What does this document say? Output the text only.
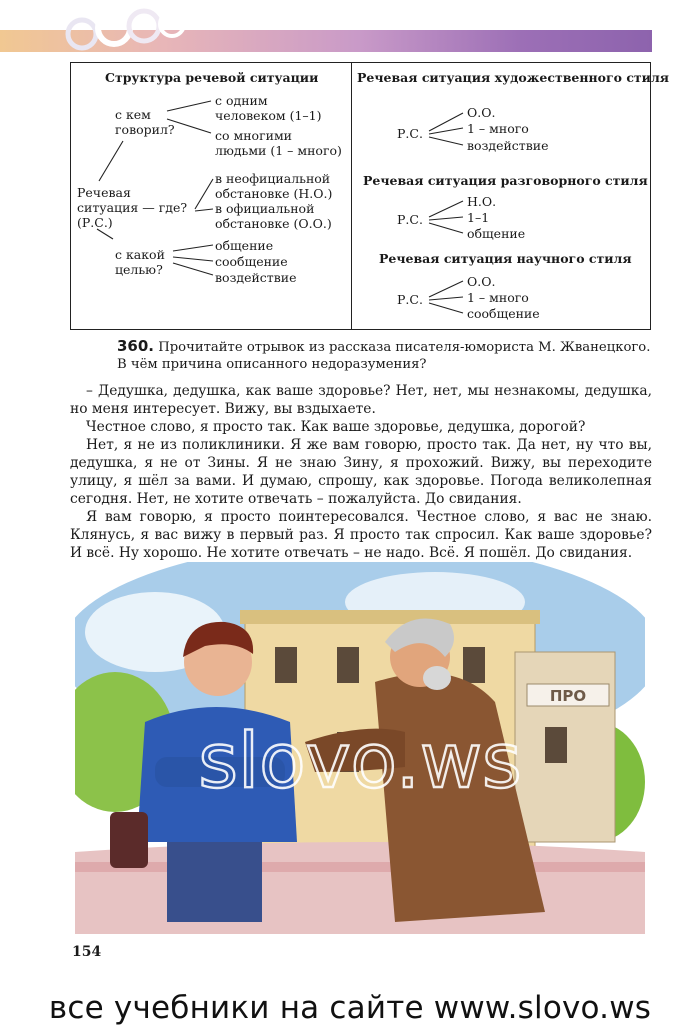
Структура речевой ситуации
с кем
говорил?
с одним
человеком (1–1)
со многими
людьми (1 – много)
Речевая
ситуация — где?
(Р.С.)
в неофициальной
обстановке (Н.О.)
в официальной
обстановке (О.О.)
с какой
целью?
общение
сообщение
воздействие
Речевая ситуация художественного стиля
Р.С.
О.О.
1 – много
воздействие
Речевая ситуация разговорного стиля
Р.С.
Н.О.
1–1
общение
Речевая ситуация научного стиля
Р.С.
О.О.
1 – много
сообщение
360. Прочитайте отрывок из рассказа писателя-юмориста М. Жванецкого. В чём причина описанного недоразумения?

– Дедушка, дедушка, как ваше здоровье? Нет, нет, мы незнакомы, дедушка, но меня интересует. Вижу, вы вздыхаете.

Честное слово, я просто так. Как ваше здоровье, дедушка, дорогой?

Нет, я не из поликлиники. Я же вам говорю, просто так. Да нет, ну что вы, дедушка, я не от Зины. Я не знаю Зину, я прохожий. Вижу, вы переходите улицу, я шёл за вами. И думаю, спрошу, как здоровье. Погода великолепная сегодня. Нет, не хотите отвечать – пожалуйста. До свидания.

Я вам говорю, я просто поинтересовался. Честное слово, я вас не знаю. Клянусь, я вас вижу в первый раз. Я просто так спросил. Как ваше здоровье? И всё. Ну хорошо. Не хотите отвечать – не надо. Всё. Я пошёл. До свидания.

ПРО
slovo.ws
154
все учебники на сайте www.slovo.ws
